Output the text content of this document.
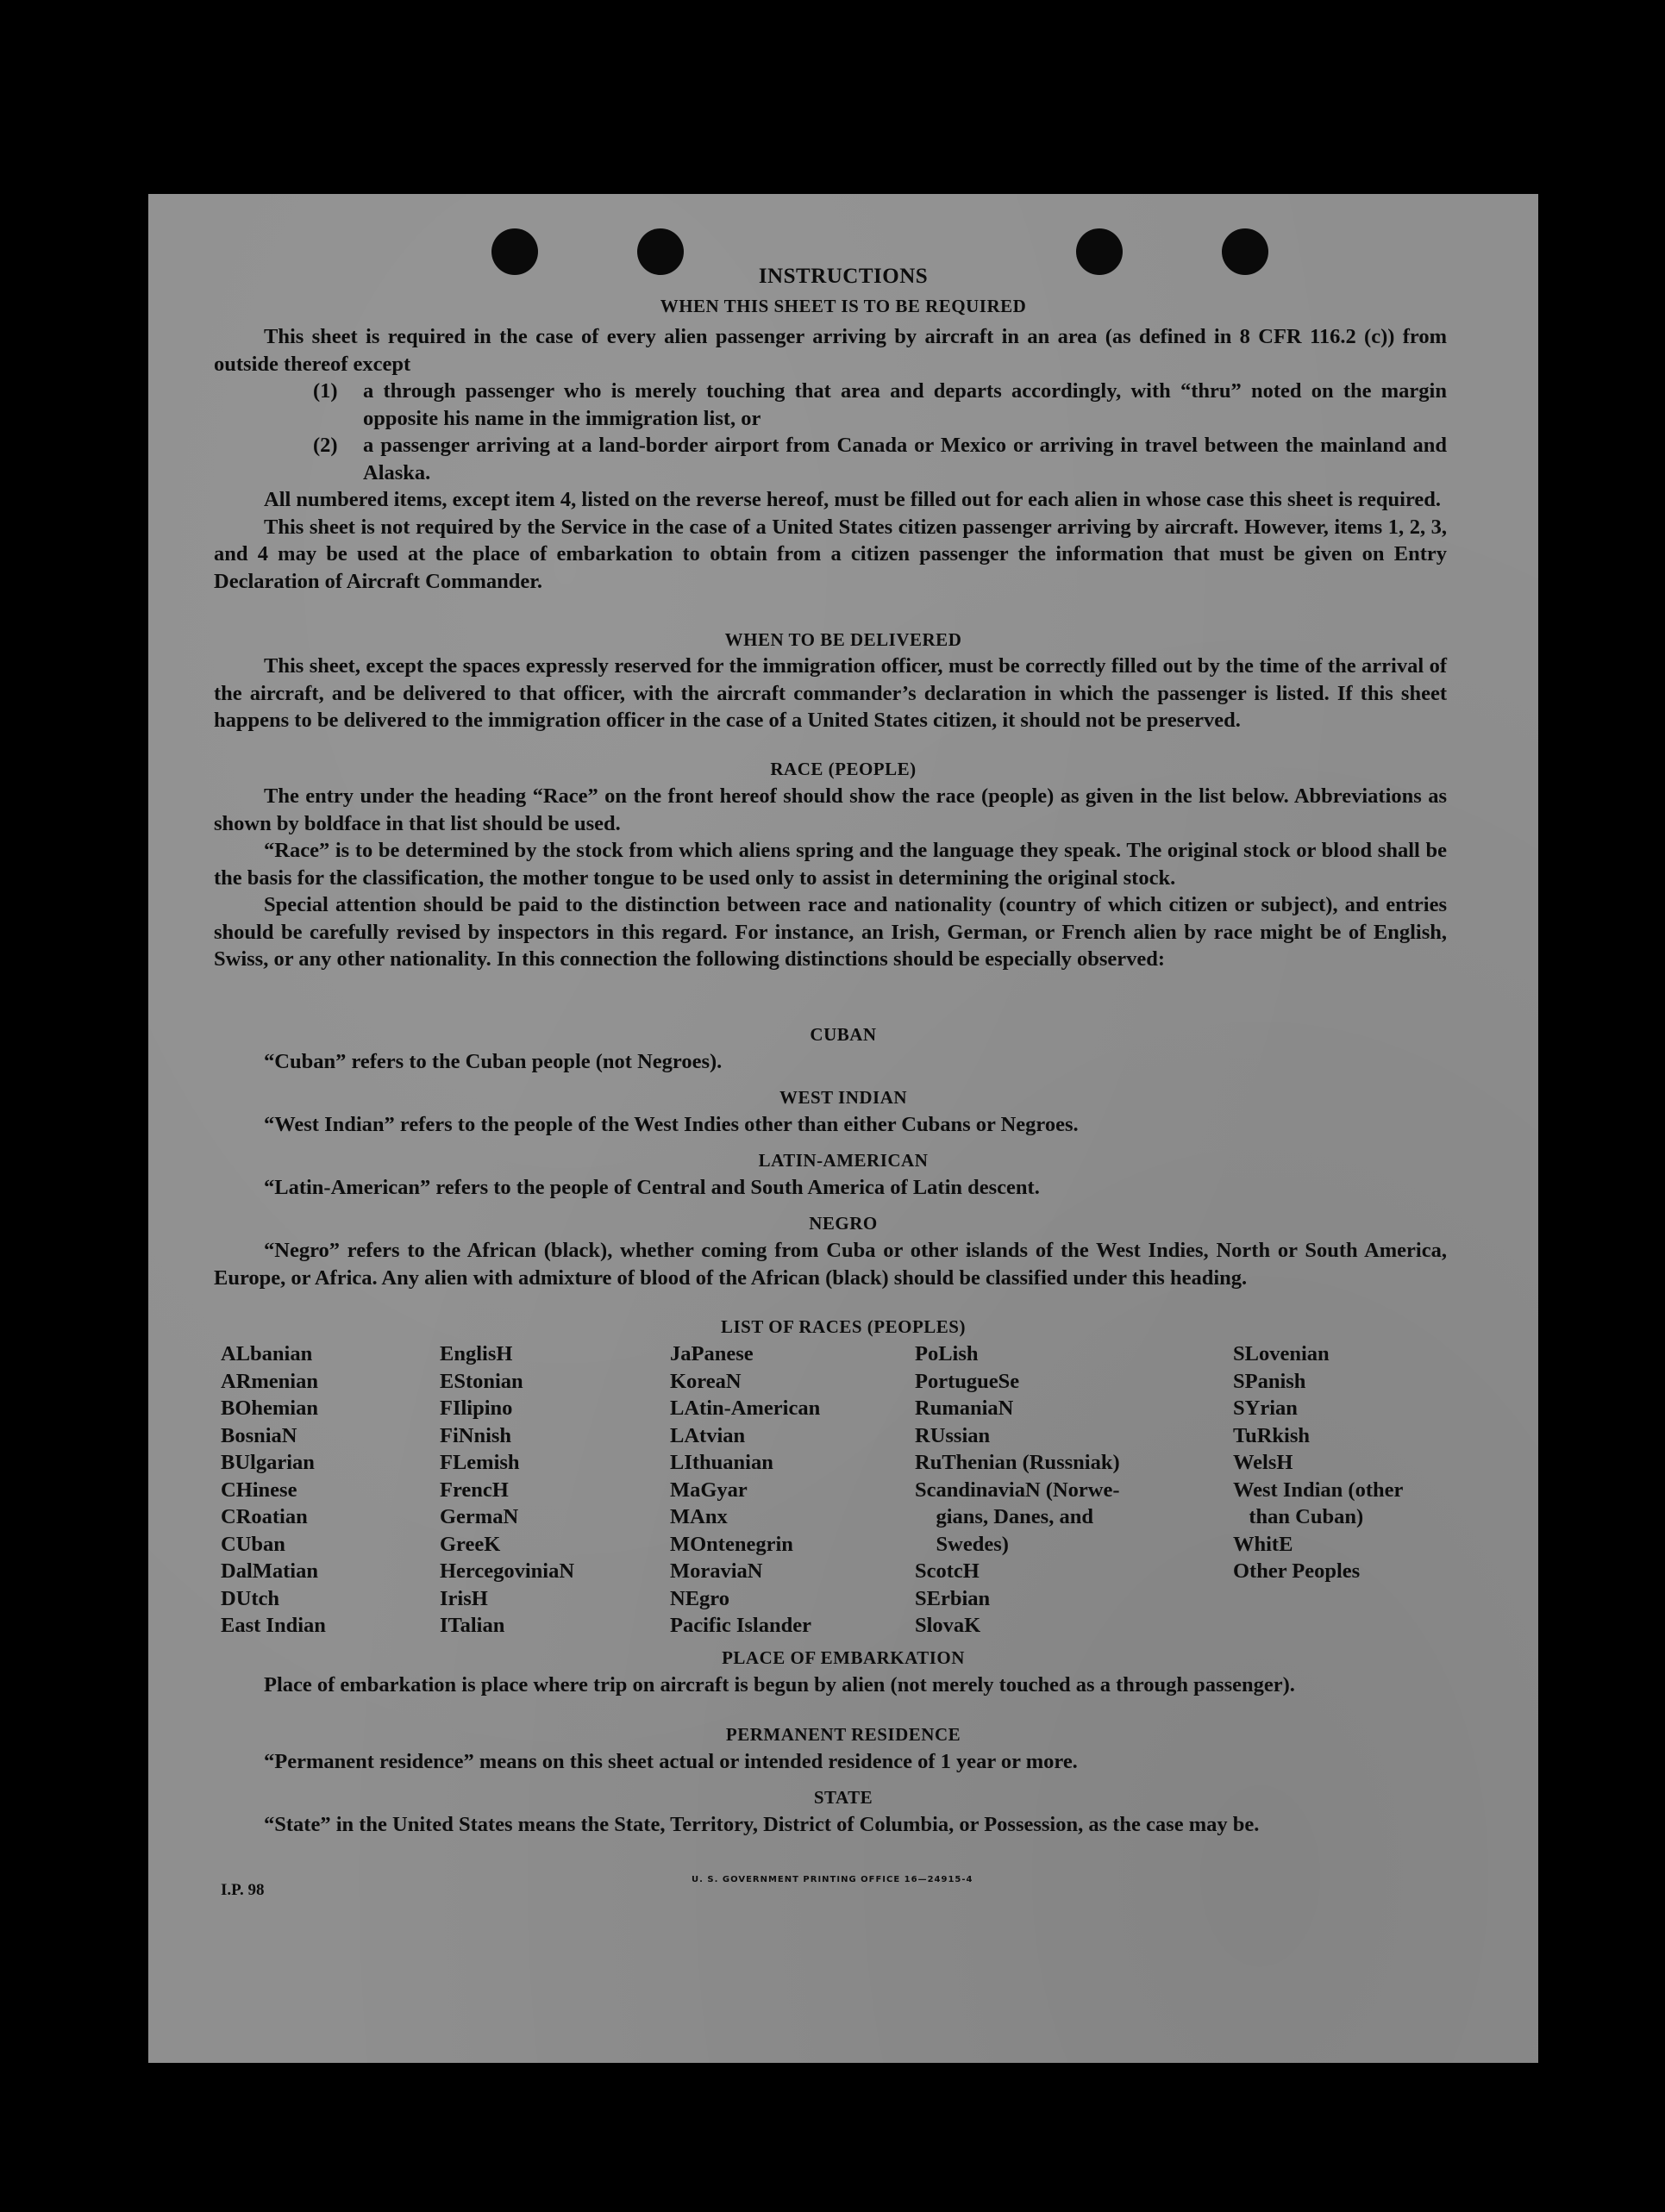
INSTRUCTIONS
WHEN THIS SHEET IS TO BE REQUIRED

This sheet is required in the case of every alien passenger arriving by aircraft in an area (as defined in 8 CFR 116.2 (c)) from outside thereof except

(1)	a through passenger who is merely touching that area and departs accordingly, with “thru” noted on the margin opposite his name in the immigration list, or
(2)	a passenger arriving at a land-border airport from Canada or Mexico or arriving in travel between the mainland and Alaska.

All numbered items, except item 4, listed on the reverse hereof, must be filled out for each alien in whose case this sheet is required.

This sheet is not required by the Service in the case of a United States citizen passenger arriving by aircraft. However, items 1, 2, 3, and 4 may be used at the place of embarkation to obtain from a citizen passenger the information that must be given on Entry Declaration of Aircraft Commander.

WHEN TO BE DELIVERED

This sheet, except the spaces expressly reserved for the immigration officer, must be correctly filled out by the time of the arrival of the aircraft, and be delivered to that officer, with the aircraft commander’s declaration in which the passenger is listed. If this sheet happens to be delivered to the immigration officer in the case of a United States citizen, it should not be preserved.

RACE (PEOPLE)

The entry under the heading “Race” on the front hereof should show the race (people) as given in the list below. Abbreviations as shown by boldface in that list should be used.

“Race” is to be determined by the stock from which aliens spring and the language they speak. The original stock or blood shall be the basis for the classification, the mother tongue to be used only to assist in determining the original stock.

Special attention should be paid to the distinction between race and nationality (country of which citizen or subject), and entries should be carefully revised by inspectors in this regard. For instance, an Irish, German, or French alien by race might be of English, Swiss, or any other nationality. In this connection the following distinctions should be especially observed:

CUBAN
“Cuban” refers to the Cuban people (not Negroes).
WEST INDIAN
“West Indian” refers to the people of the West Indies other than either Cubans or Negroes.
LATIN-AMERICAN
“Latin-American” refers to the people of Central and South America of Latin descent.
NEGRO

“Negro” refers to the African (black), whether coming from Cuba or other islands of the West Indies, North or South America, Europe, or Africa. Any alien with admixture of blood of the African (black) should be classified under this heading.

LIST OF RACES (PEOPLES)
ALbanian
ARmenian
BOhemian
BosniaN
BUlgarian
CHinese
CRoatian
CUban
DalMatian
DUtch
East Indian
EnglisH
EStonian
FIlipino
FiNnish
FLemish
FrencH
GermaN
GreeK
HercegoviniaN
IrisH
ITalian
JaPanese
KoreaN
LAtin-American
LAtvian
LIthuanian
MaGyar
MAnx
MOntenegrin
MoraviaN
NEgro
Pacific Islander
PoLish
PortugueSe
RumaniaN
RUssian
RuThenian (Russniak)
ScandinaviaN (Norwe-
gians, Danes, and
Swedes)
ScotcH
SErbian
SlovaK
SLovenian
SPanish
SYrian
TuRkish
WelsH
West Indian (other
than Cuban)
WhitE
Other Peoples
PLACE OF EMBARKATION

Place of embarkation is place where trip on aircraft is begun by alien (not merely touched as a through passenger).

PERMANENT RESIDENCE
“Permanent residence” means on this sheet actual or intended residence of 1 year or more.
STATE

“State” in the United States means the State, Territory, District of Columbia, or Possession, as the case may be.

I.P. 98
U. S. GOVERNMENT PRINTING OFFICE 16—24915-4
